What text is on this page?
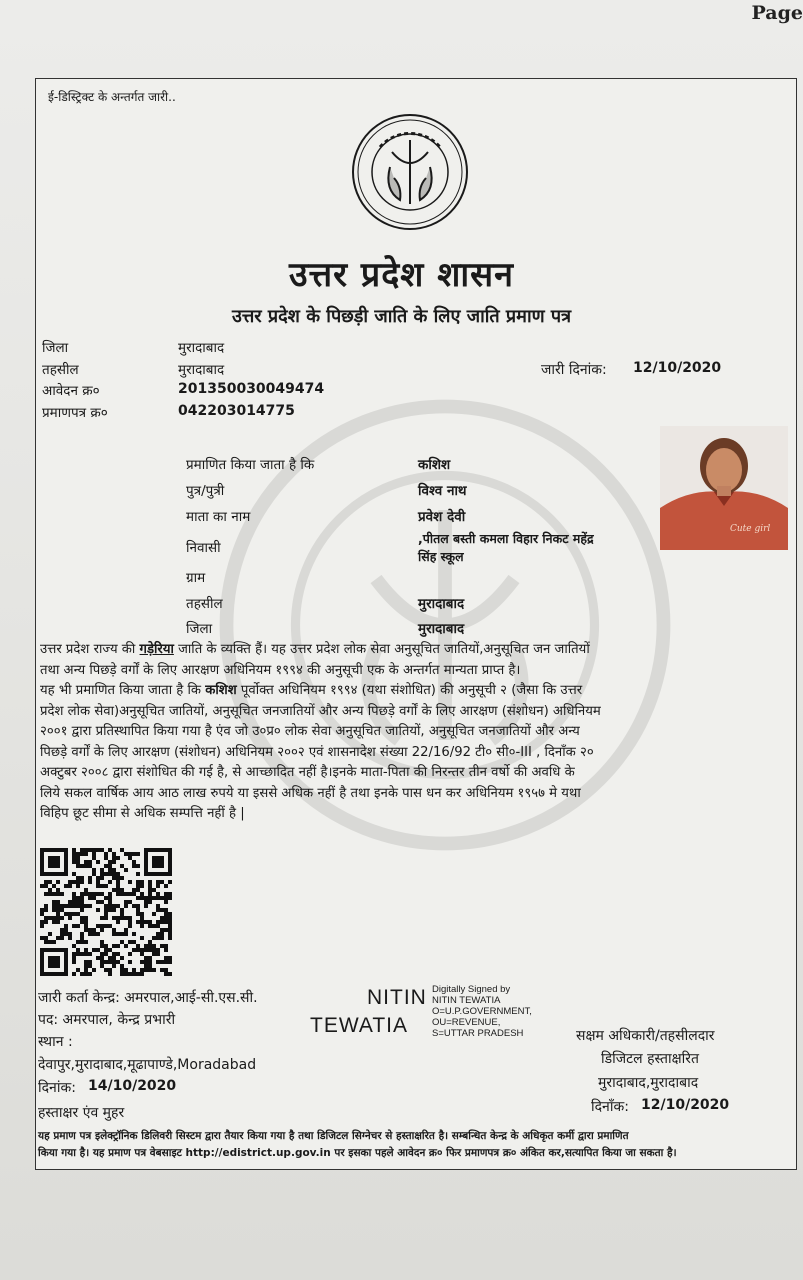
Page
ई-डिस्ट्रिक्ट के अन्तर्गत जारी..
उत्तर प्रदेश शासन
उत्तर प्रदेश के पिछड़ी जाति के लिए जाति प्रमाण पत्र
जिला	मुरादाबाद
तहसील	मुरादाबाद
आवेदन क्र०	201350030049474
प्रमाणपत्र क्र०	042203014775
जारी दिनांक: 12/10/2020
प्रमाणित किया जाता है कि	कशिश
पुत्र/पुत्री	विश्व नाथ
माता का नाम	प्रवेश देवी
निवासी
,पीतल बस्ती कमला विहार निकट महेंद्र
सिंह स्कूल
ग्राम
तहसील	मुरादाबाद
जिला	मुरादाबाद
Cute girl
उत्तर प्रदेश राज्य की गड़ेरिया जाति के व्यक्ति हैं। यह उत्तर प्रदेश लोक सेवा अनुसूचित जातियों,अनुसूचित जन जातियों
तथा अन्य पिछड़े वर्गों के लिए आरक्षण अधिनियम १९९४ की अनुसूची एक के अन्तर्गत मान्यता प्राप्त है।
यह भी प्रमाणित किया जाता है कि कशिश पूर्वोक्त अधिनियम १९९४ (यथा संशोधित) की अनुसूची २ (जैसा कि उत्तर
प्रदेश लोक सेवा)अनुसूचित जातियों, अनुसूचित जनजातियों और अन्य पिछड़े वर्गों के लिए आरक्षण (संशोधन) अधिनियम
२००१ द्वारा प्रतिस्थापित किया गया है एंव जो उ०प्र० लोक सेवा अनुसूचित जातियों, अनुसूचित जनजातियों और अन्य
पिछड़े वर्गों के लिए आरक्षण (संशोधन) अधिनियम २००२ एवं शासनादेश संख्या 22/16/92 टी० सी०-III , दिनाँक २०
अक्टुबर २००८ द्वारा संशोधित की गई है, से आच्छादित नहीं है।इनके माता-पिता की निरन्तर तीन वर्षो की अवधि के
लिये सकल वार्षिक आय आठ लाख रुपये या इससे अधिक नहीं है तथा इनके पास धन कर अधिनियम १९५७ मे यथा
विहिप छूट सीमा से अधिक सम्पत्ति नहीं है |
जारी कर्ता केन्द्र: अमरपाल,आई-सी.एस.सी.
पद: अमरपाल, केन्द्र प्रभारी
स्थान :
देवापुर,मुरादाबाद,मूढापाण्डे,Moradabad
दिनांक: 14/10/2020
हस्ताक्षर एंव मुहर
NITIN
TEWATIA
Digitally Signed by
NITIN TEWATIA
O=U.P.GOVERNMENT,
OU=REVENUE,
S=UTTAR PRADESH	सक्षम अधिकारी/तहसीलदार
डिजिटल हस्ताक्षरित
मुरादाबाद,मुरादाबाद
दिनाँक: 12/10/2020
यह प्रमाण पत्र इलेक्ट्रॉनिक डिलिवरी सिस्टम द्वारा तैयार किया गया है तथा डिजिटल सिग्नेचर से हस्ताक्षरित है। सम्बन्धित केन्द्र के अधिकृत कर्मी द्वारा प्रमाणित
किया गया है। यह प्रमाण पत्र वेबसाइट http://edistrict.up.gov.in पर इसका पहले आवेदन क्र० फिर प्रमाणपत्र क्र० अंकित कर,सत्यापित किया जा सकता है।
